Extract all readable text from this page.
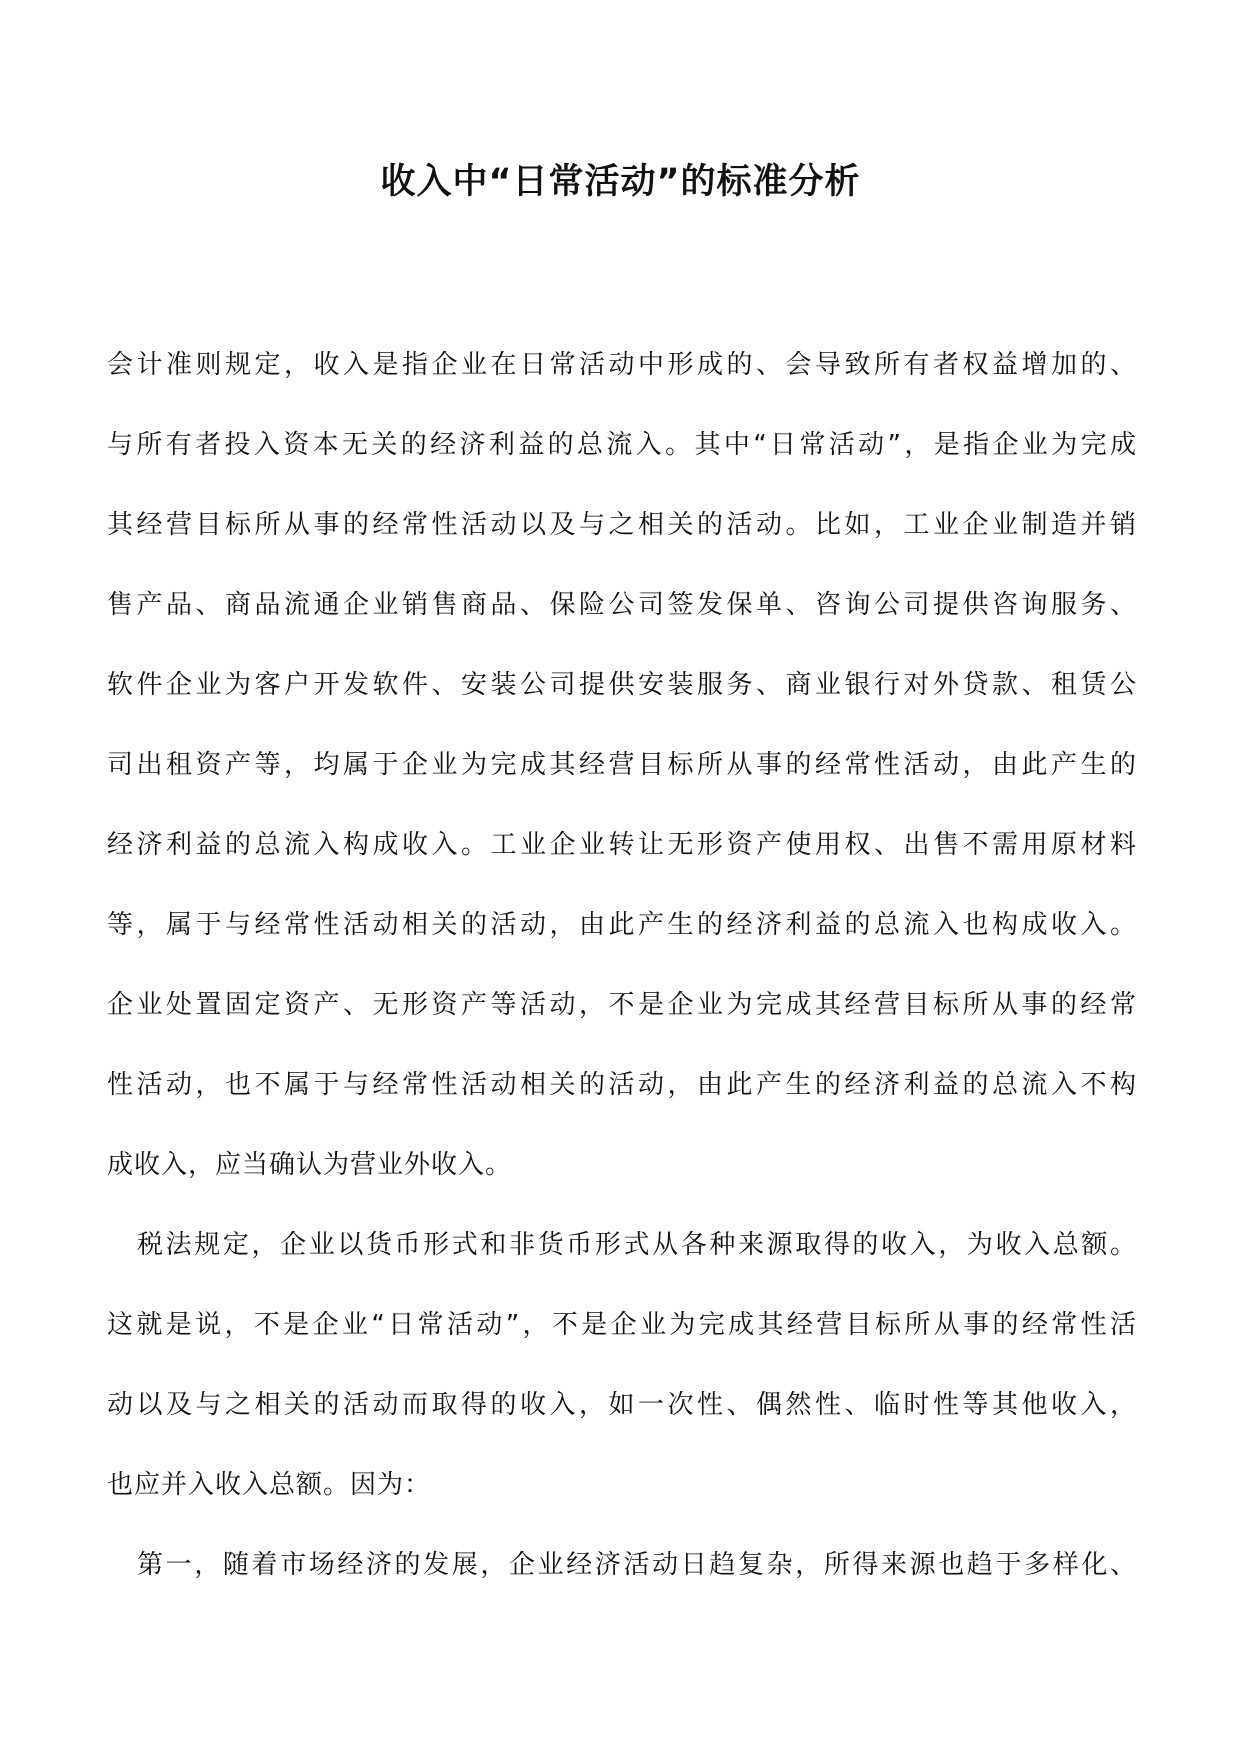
收入中“日常活动”的标准分析
会计准则规定，收入是指企业在日常活动中形成的、会导致所有者权益增加的、
与所有者投入资本无关的经济利益的总流入。其中“日常活动”，是指企业为完成
其经营目标所从事的经常性活动以及与之相关的活动。比如，工业企业制造并销
售产品、商品流通企业销售商品、保险公司签发保单、咨询公司提供咨询服务、
软件企业为客户开发软件、安装公司提供安装服务、商业银行对外贷款、租赁公
司出租资产等，均属于企业为完成其经营目标所从事的经常性活动，由此产生的
经济利益的总流入构成收入。工业企业转让无形资产使用权、出售不需用原材料
等，属于与经常性活动相关的活动，由此产生的经济利益的总流入也构成收入。
企业处置固定资产、无形资产等活动，不是企业为完成其经营目标所从事的经常
性活动，也不属于与经常性活动相关的活动，由此产生的经济利益的总流入不构
成收入，应当确认为营业外收入。
税法规定，企业以货币形式和非货币形式从各种来源取得的收入，为收入总额。
这就是说，不是企业“日常活动”，不是企业为完成其经营目标所从事的经常性活
动以及与之相关的活动而取得的收入，如一次性、偶然性、临时性等其他收入，
也应并入收入总额。因为：
第一，随着市场经济的发展，企业经济活动日趋复杂，所得来源也趋于多样化、
